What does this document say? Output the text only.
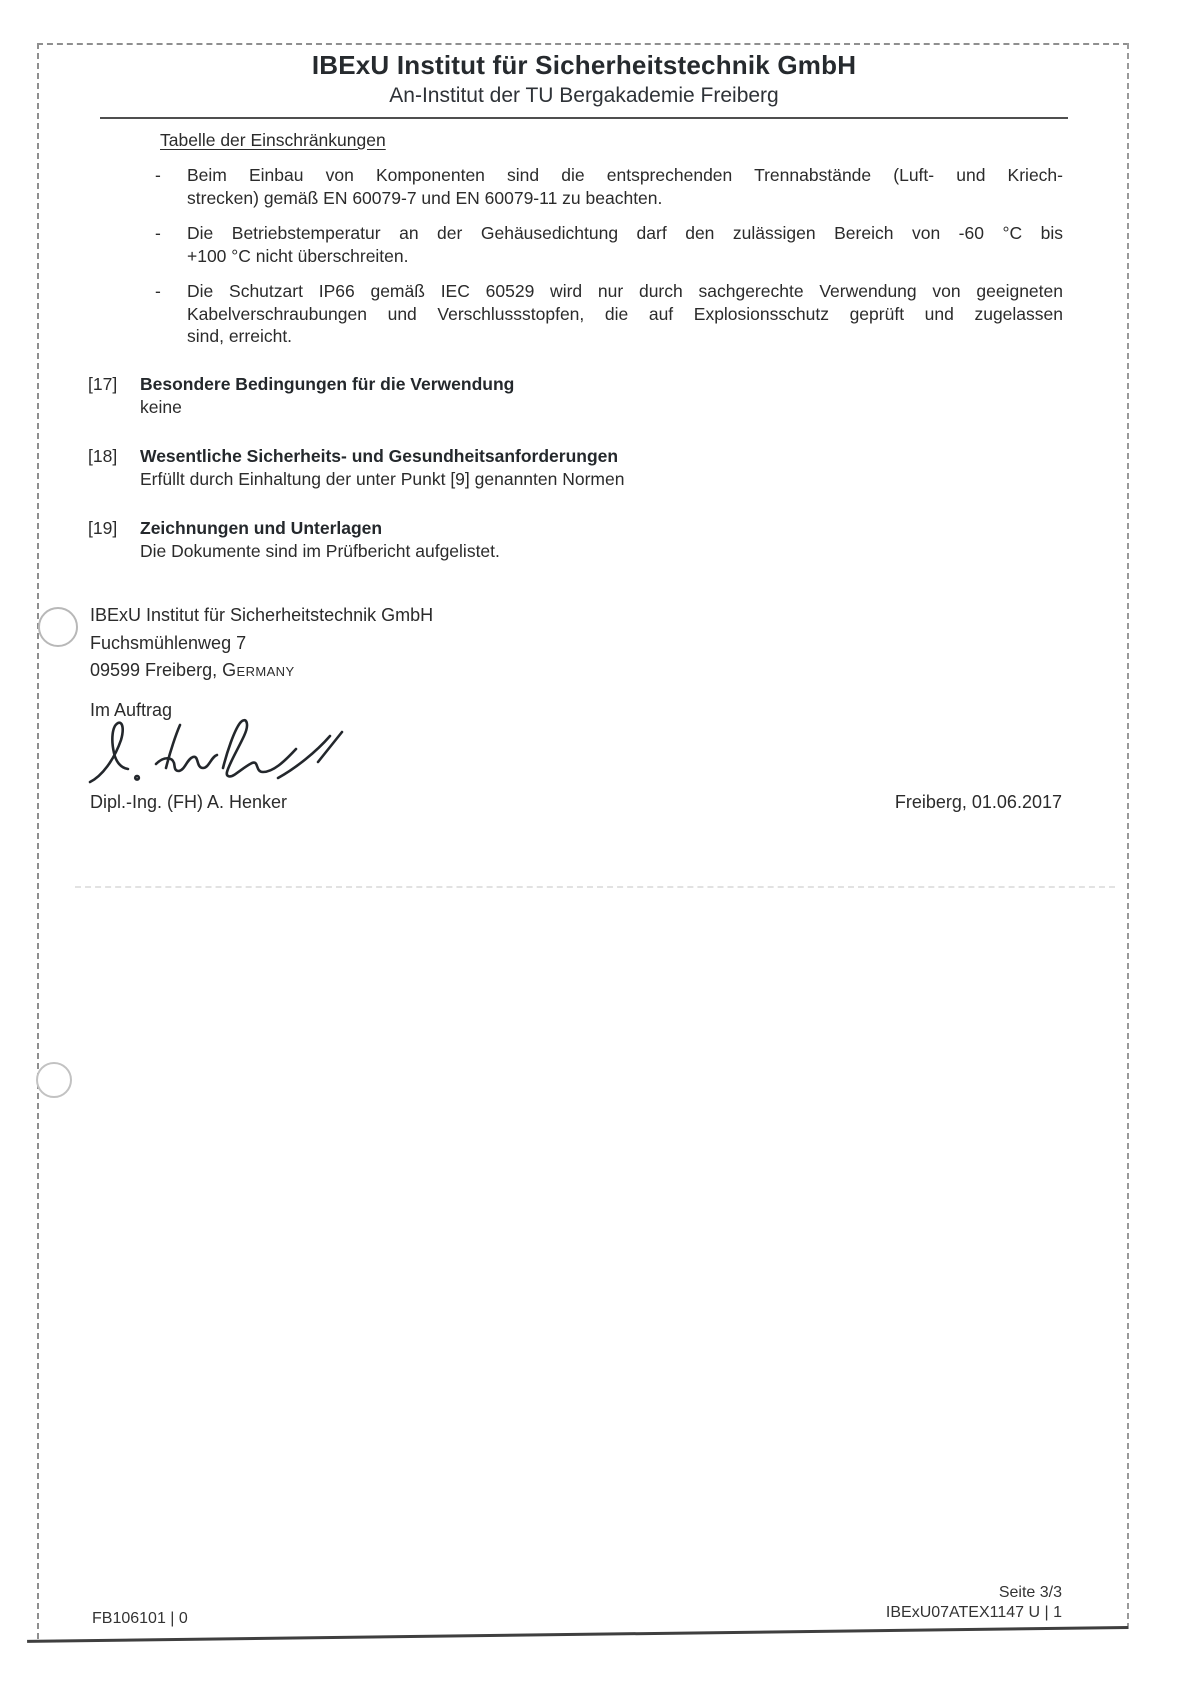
IBExU Institut für Sicherheitstechnik GmbH
An-Institut der TU Bergakademie Freiberg
Tabelle der Einschränkungen
-	Beim Einbau von Komponenten sind die entsprechenden Trennabstände (Luft- und Kriech-
strecken) gemäß EN 60079-7 und EN 60079-11 zu beachten.
-	Die Betriebstemperatur an der Gehäusedichtung darf den zulässigen Bereich von -60 °C bis
+100 °C nicht überschreiten.
-	Die Schutzart IP66 gemäß IEC 60529 wird nur durch sachgerechte Verwendung von geeigneten
Kabelverschraubungen und Verschlussstopfen, die auf Explosionsschutz geprüft und zugelassen
sind, erreicht.
[17]	Besondere Bedingungen für die Verwendung
keine
[18]	Wesentliche Sicherheits- und Gesundheitsanforderungen
Erfüllt durch Einhaltung der unter Punkt [9] genannten Normen
[19]	Zeichnungen und Unterlagen
Die Dokumente sind im Prüfbericht aufgelistet.
IBExU Institut für Sicherheitstechnik GmbH
Fuchsmühlenweg 7
09599 Freiberg, Germany
Im Auftrag
Dipl.-Ing. (FH) A. Henker	Freiberg, 01.06.2017
FB106101 | 0
Seite 3/3
IBExU07ATEX1147 U | 1
